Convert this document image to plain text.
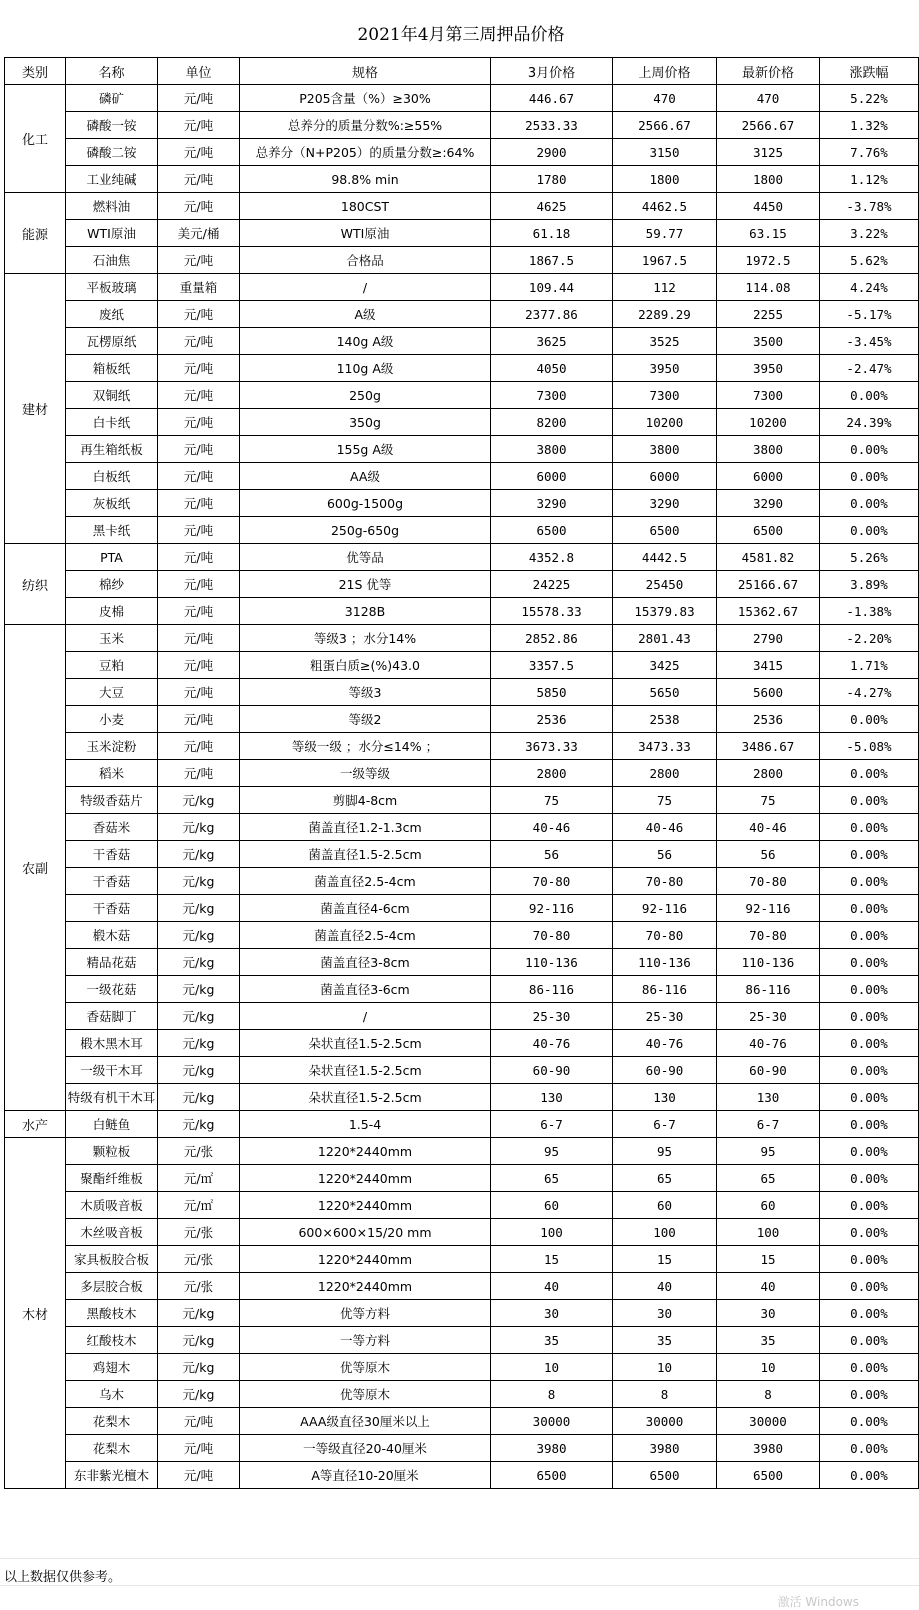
2021年4月第三周押品价格
类别	名称	单位	规格	3月价格	上周价格	最新价格	涨跌幅
化工	磷矿	元/吨	P205含量（%）≥30%	446.67	470	470	5.22%
	磷酸一铵	元/吨	总养分的质量分数%:≥55%	2533.33	2566.67	2566.67	1.32%
	磷酸二铵	元/吨	总养分（N+P205）的质量分数≥:64%	2900	3150	3125	7.76%
	工业纯碱	元/吨	98.8% min	1780	1800	1800	1.12%
能源	燃料油	元/吨	180CST	4625	4462.5	4450	-3.78%
	WTI原油	美元/桶	WTI原油	61.18	59.77	63.15	3.22%
	石油焦	元/吨	合格品	1867.5	1967.5	1972.5	5.62%
建材	平板玻璃	重量箱	/	109.44	112	114.08	4.24%
	废纸	元/吨	A级	2377.86	2289.29	2255	-5.17%
	瓦楞原纸	元/吨	140g A级	3625	3525	3500	-3.45%
	箱板纸	元/吨	110g A级	4050	3950	3950	-2.47%
	双铜纸	元/吨	250g	7300	7300	7300	0.00%
	白卡纸	元/吨	350g	8200	10200	10200	24.39%
	再生箱纸板	元/吨	155g A级	3800	3800	3800	0.00%
	白板纸	元/吨	AA级	6000	6000	6000	0.00%
	灰板纸	元/吨	600g-1500g	3290	3290	3290	0.00%
	黑卡纸	元/吨	250g-650g	6500	6500	6500	0.00%
纺织	PTA	元/吨	优等品	4352.8	4442.5	4581.82	5.26%
	棉纱	元/吨	21S 优等	24225	25450	25166.67	3.89%
	皮棉	元/吨	3128B	15578.33	15379.83	15362.67	-1.38%
农副	玉米	元/吨	等级3 ；水分14%	2852.86	2801.43	2790	-2.20%
	豆粕	元/吨	粗蛋白质≥(%)43.0	3357.5	3425	3415	1.71%
	大豆	元/吨	等级3	5850	5650	5600	-4.27%
	小麦	元/吨	等级2	2536	2538	2536	0.00%
	玉米淀粉	元/吨	等级一级 ；水分≤14% ；	3673.33	3473.33	3486.67	-5.08%
	稻米	元/吨	一级等级	2800	2800	2800	0.00%
	特级香菇片	元/kg	剪脚4-8cm	75	75	75	0.00%
	香菇米	元/kg	菌盖直径1.2-1.3cm	40-46	40-46	40-46	0.00%
	干香菇	元/kg	菌盖直径1.5-2.5cm	56	56	56	0.00%
	干香菇	元/kg	菌盖直径2.5-4cm	70-80	70-80	70-80	0.00%
	干香菇	元/kg	菌盖直径4-6cm	92-116	92-116	92-116	0.00%
	椴木菇	元/kg	菌盖直径2.5-4cm	70-80	70-80	70-80	0.00%
	精品花菇	元/kg	菌盖直径3-8cm	110-136	110-136	110-136	0.00%
	一级花菇	元/kg	菌盖直径3-6cm	86-116	86-116	86-116	0.00%
	香菇脚丁	元/kg	/	25-30	25-30	25-30	0.00%
	椴木黑木耳	元/kg	朵状直径1.5-2.5cm	40-76	40-76	40-76	0.00%
	一级干木耳	元/kg	朵状直径1.5-2.5cm	60-90	60-90	60-90	0.00%
	特级有机干木耳	元/kg	朵状直径1.5-2.5cm	130	130	130	0.00%
水产	白鲢鱼	元/kg	1.5-4	6-7	6-7	6-7	0.00%
木材	颗粒板	元/张	1220*2440mm	95	95	95	0.00%
	聚酯纤维板	元/㎡	1220*2440mm	65	65	65	0.00%
	木质吸音板	元/㎡	1220*2440mm	60	60	60	0.00%
	木丝吸音板	元/张	600×600×15/20 mm	100	100	100	0.00%
	家具板胶合板	元/张	1220*2440mm	15	15	15	0.00%
	多层胶合板	元/张	1220*2440mm	40	40	40	0.00%
	黑酸枝木	元/kg	优等方料	30	30	30	0.00%
	红酸枝木	元/kg	一等方料	35	35	35	0.00%
	鸡翅木	元/kg	优等原木	10	10	10	0.00%
	乌木	元/kg	优等原木	8	8	8	0.00%
	花梨木	元/吨	AAA级直径30厘米以上	30000	30000	30000	0.00%
	花梨木	元/吨	一等级直径20-40厘米	3980	3980	3980	0.00%
	东非紫光檀木	元/吨	A等直径10-20厘米	6500	6500	6500	0.00%
以上数据仅供参考。
激活 Windows
